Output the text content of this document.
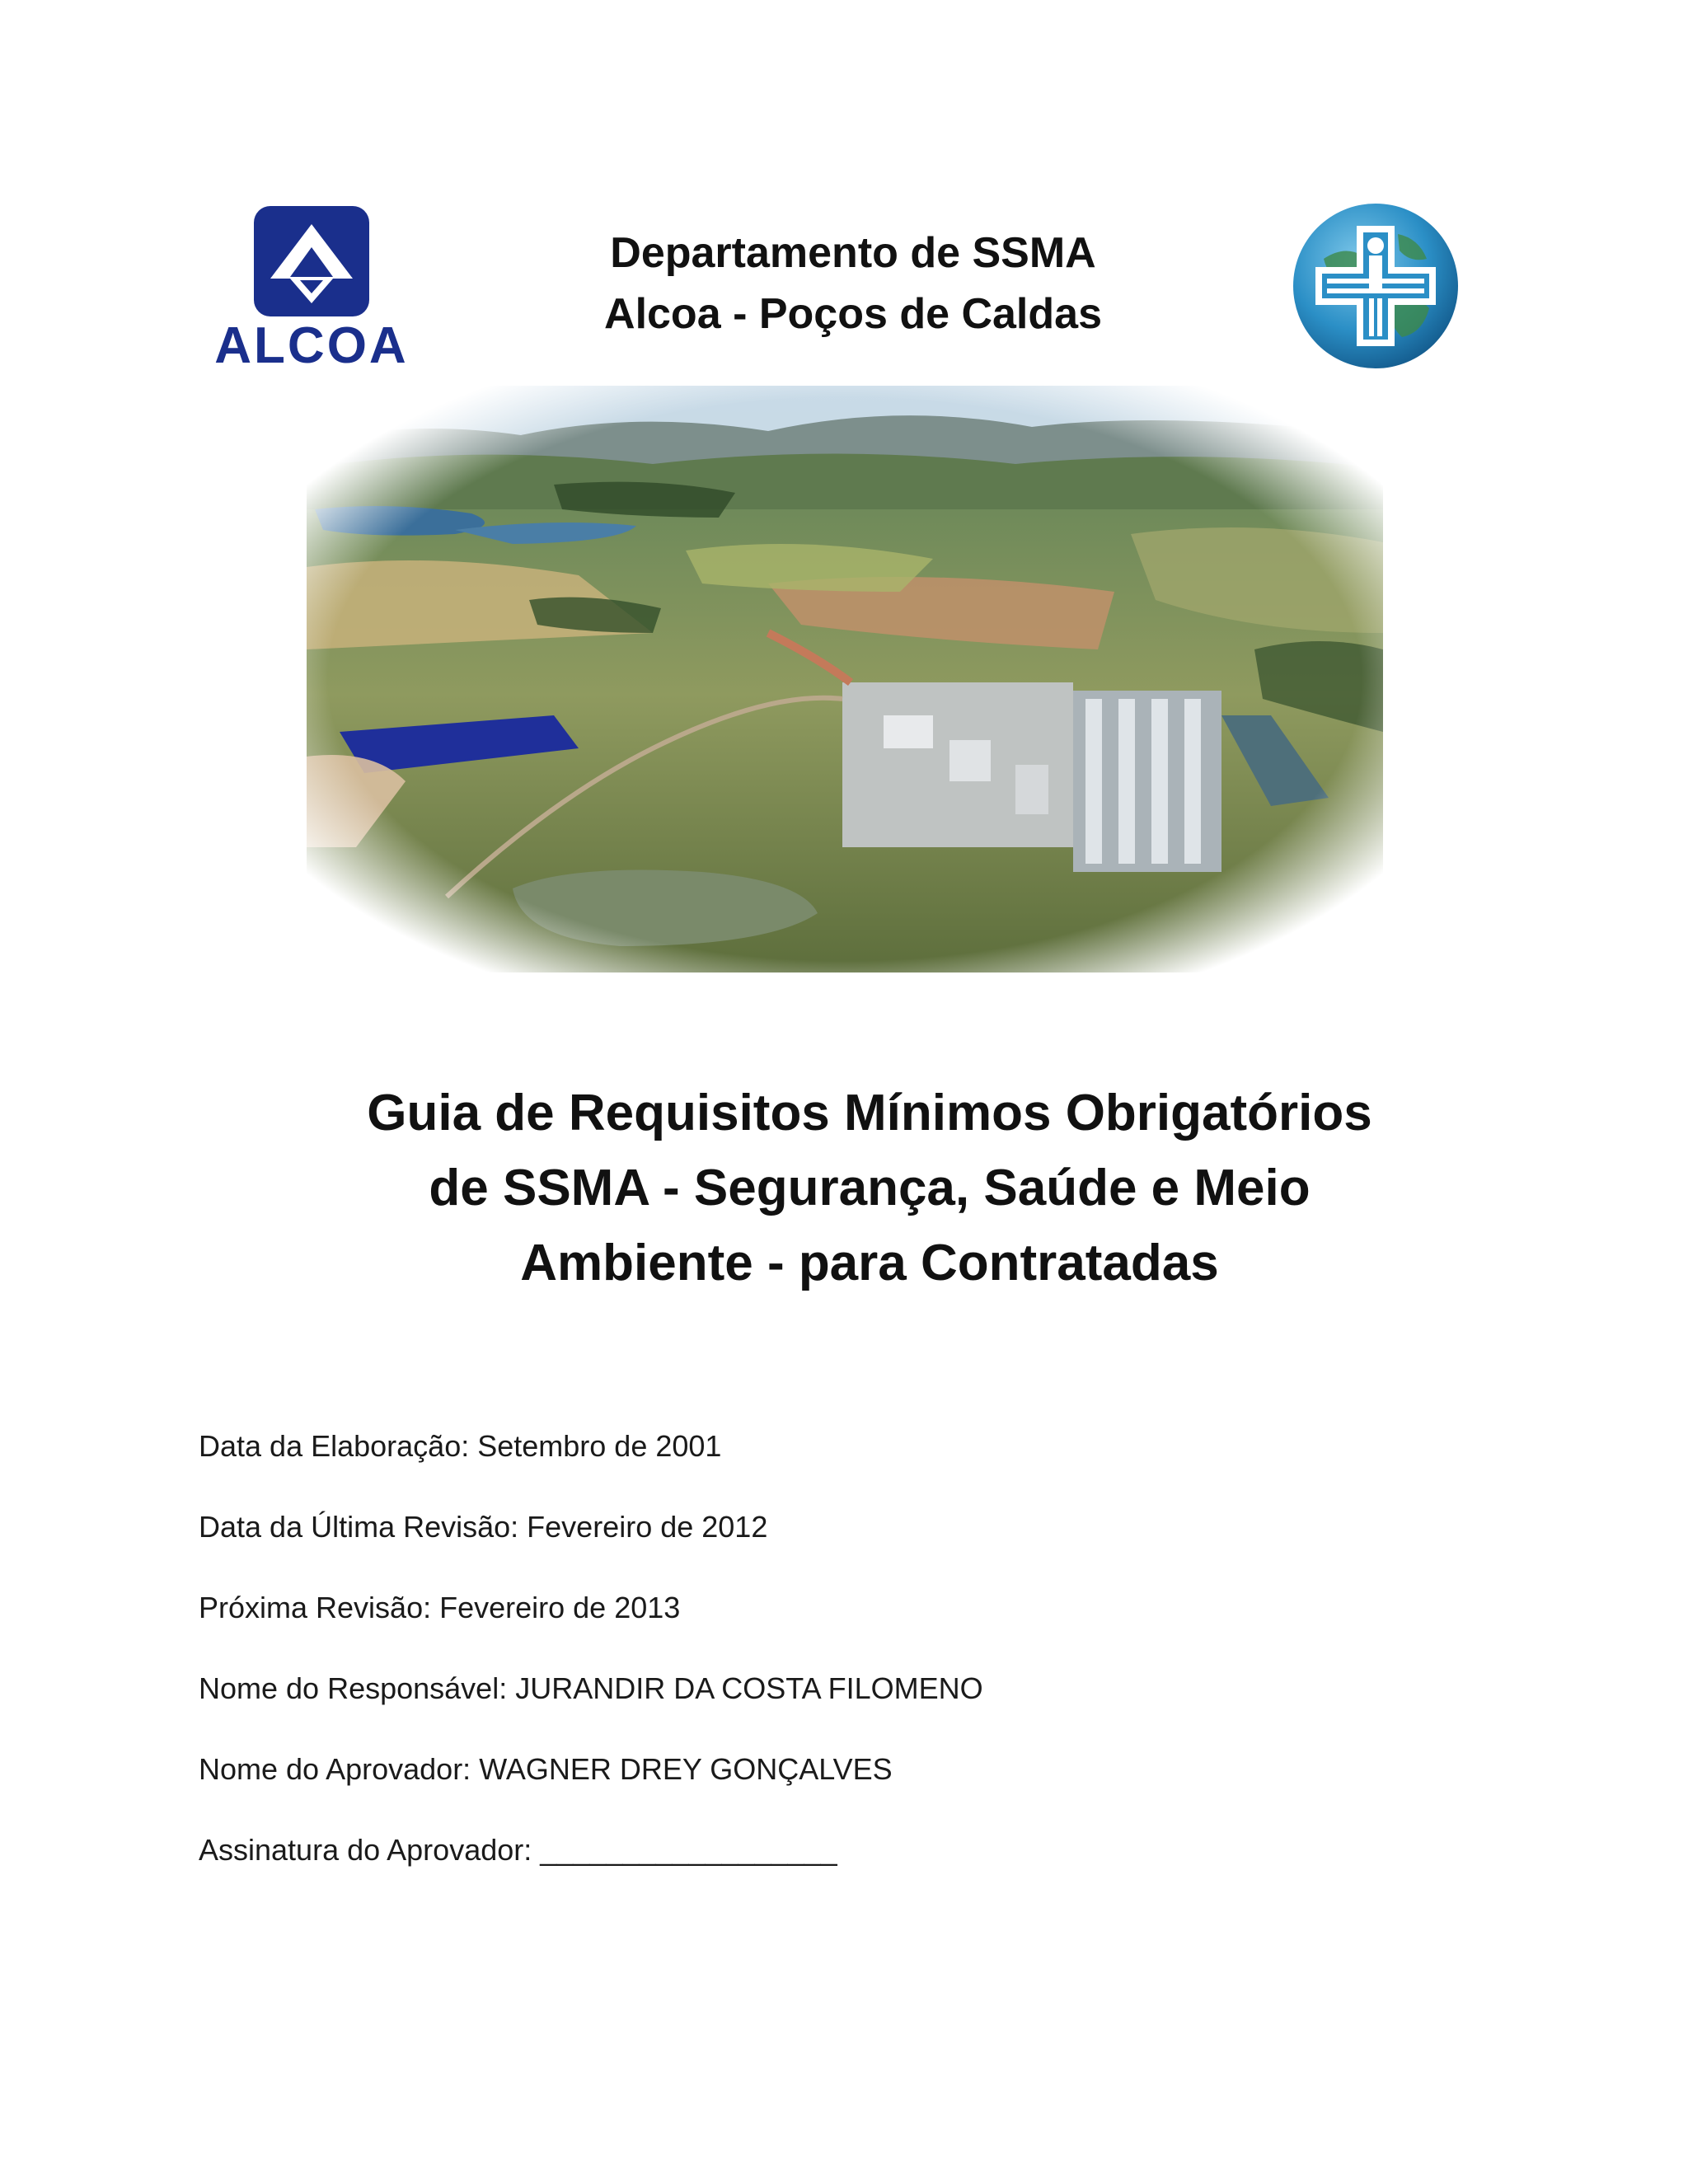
ALCOA
Departamento de SSMA
Alcoa - Poços de Caldas
Guia de Requisitos Mínimos Obrigatórios
de SSMA - Segurança, Saúde e Meio
Ambiente - para Contratadas
Data da Elaboração: Setembro de 2001
Data da Última Revisão: Fevereiro de 2012
Próxima Revisão: Fevereiro de 2013
Nome do Responsável: JURANDIR DA COSTA FILOMENO
Nome do Aprovador: WAGNER DREY GONÇALVES
Assinatura do Aprovador: __________________
